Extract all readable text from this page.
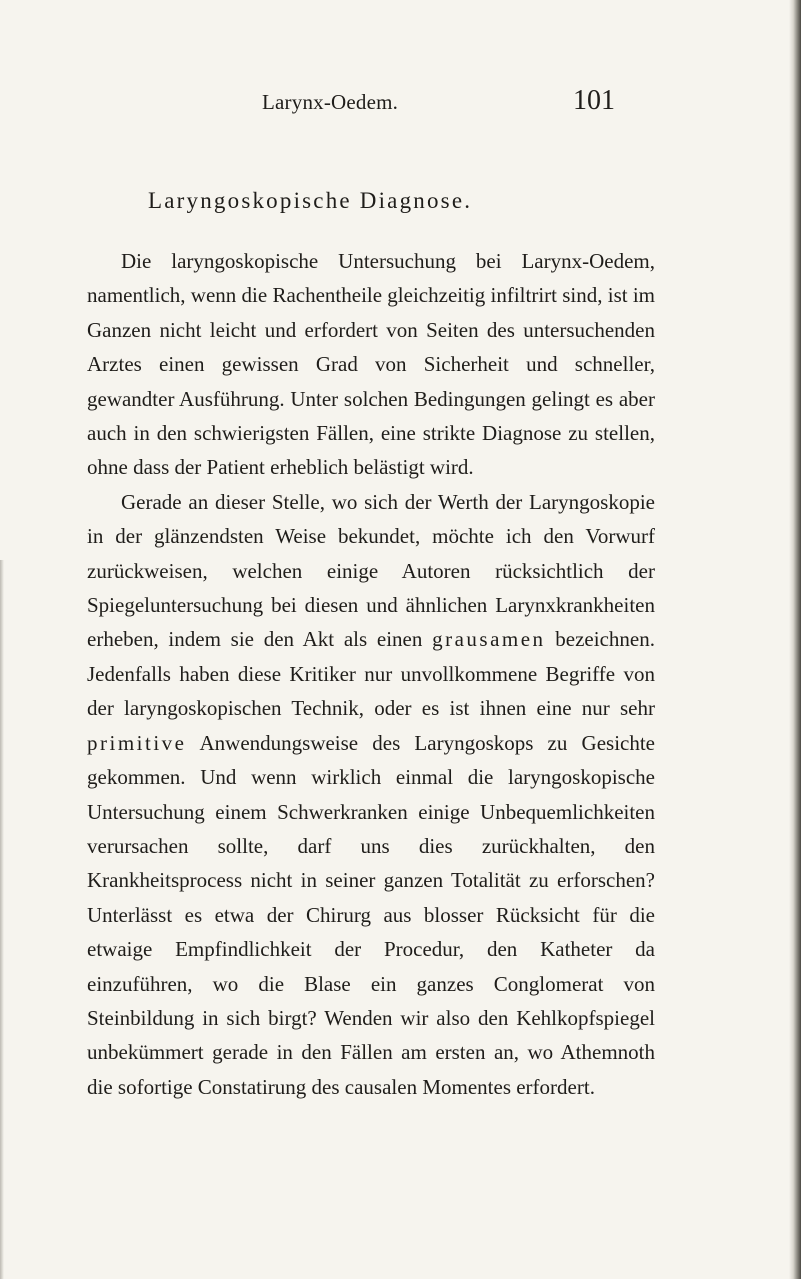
Larynx-Oedem.	101
Laryngoskopische Diagnose.

Die laryngoskopische Untersuchung bei Larynx-Oedem, namentlich, wenn die Rachentheile gleichzeitig infiltrirt sind, ist im Ganzen nicht leicht und erfordert von Seiten des untersuchenden Arztes einen gewissen Grad von Sicherheit und schneller, gewandter Ausführung. Unter solchen Bedingungen gelingt es aber auch in den schwierigsten Fällen, eine strikte Diagnose zu stellen, ohne dass der Patient erheblich belästigt wird.

Gerade an dieser Stelle, wo sich der Werth der Laryngoskopie in der glänzendsten Weise bekundet, möchte ich den Vorwurf zurückweisen, welchen einige Autoren rücksichtlich der Spiegeluntersuchung bei diesen und ähnlichen Larynxkrankheiten erheben, indem sie den Akt als einen grausamen bezeichnen. Jedenfalls haben diese Kritiker nur unvollkommene Begriffe von der laryngoskopischen Technik, oder es ist ihnen eine nur sehr primitive Anwendungsweise des Laryngoskops zu Gesichte gekommen. Und wenn wirklich einmal die laryngoskopische Untersuchung einem Schwerkranken einige Unbequemlichkeiten verursachen sollte, darf uns dies zurückhalten, den Krankheitsprocess nicht in seiner ganzen Totalität zu erforschen? Unterlässt es etwa der Chirurg aus blosser Rücksicht für die etwaige Empfindlichkeit der Procedur, den Katheter da einzuführen, wo die Blase ein ganzes Conglomerat von Steinbildung in sich birgt? Wenden wir also den Kehlkopfspiegel unbekümmert gerade in den Fällen am ersten an, wo Athemnoth die sofortige Constatirung des causalen Momentes erfordert.
